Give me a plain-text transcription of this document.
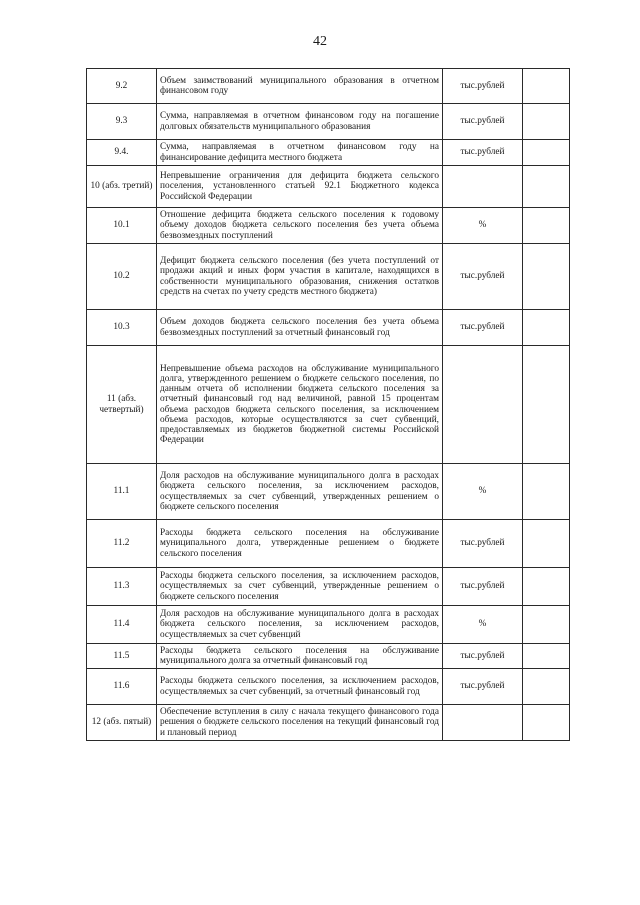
42
9.2	Объем заимствований муниципального образования в отчетном финансовом году	тыс.рублей	
9.3	Сумма, направляемая в отчетном финансовом году на погашение долговых обязательств муниципального образования	тыс.рублей	
9.4.	Сумма, направляемая в отчетном финансовом году на финансирование дефицита местного бюджета	тыс.рублей	
10 (абз. третий)	Непревышение ограничения для дефицита бюджета сельского поселения, установленного статьей 92.1 Бюджетного кодекса Российской Федерации		
10.1	Отношение дефицита бюджета сельского поселения к годовому объему доходов бюджета сельского поселения без учета объема безвозмездных поступлений	%	
10.2	Дефицит бюджета сельского поселения (без учета поступлений от продажи акций и иных форм участия в капитале, находящихся в собственности муниципального образования, снижения остатков средств на счетах по учету средств местного бюджета)	тыс.рублей	
10.3	Объем доходов бюджета сельского поселения без учета объема безвозмездных поступлений за отчетный финансовый год	тыс.рублей	
11 (абз. четвертый)	Непревышение объема расходов на обслуживание муниципального долга, утвержденного решением о бюджете сельского поселения, по данным отчета об исполнении бюджета сельского поселения за отчетный финансовый год над величиной, равной 15 процентам объема расходов бюджета сельского поселения, за исключением объема расходов, которые осуществляются за счет субвенций, предоставляемых из бюджетов бюджетной системы Российской Федерации		
11.1	Доля расходов на обслуживание муниципального долга в расходах бюджета сельского поселения, за исключением расходов, осуществляемых за счет субвенций, утвержденных решением о бюджете сельского поселения	%	
11.2	Расходы бюджета сельского поселения на обслуживание муниципального долга, утвержденные решением о бюджете сельского поселения	тыс.рублей	
11.3	Расходы бюджета сельского поселения, за исключением расходов, осуществляемых за счет субвенций, утвержденные решением о бюджете сельского поселения	тыс.рублей	
11.4	Доля расходов на обслуживание муниципального долга в расходах бюджета сельского поселения, за исключением расходов, осуществляемых за счет субвенций	%	
11.5	Расходы бюджета сельского поселения на обслуживание муниципального долга за отчетный финансовый год	тыс.рублей	
11.6	Расходы бюджета сельского поселения, за исключением расходов, осуществляемых за счет субвенций, за отчетный финансовый год	тыс.рублей	
12 (абз. пятый)	Обеспечение вступления в силу с начала текущего финансового года решения о бюджете сельского поселения на текущий финансовый год и плановый период		
